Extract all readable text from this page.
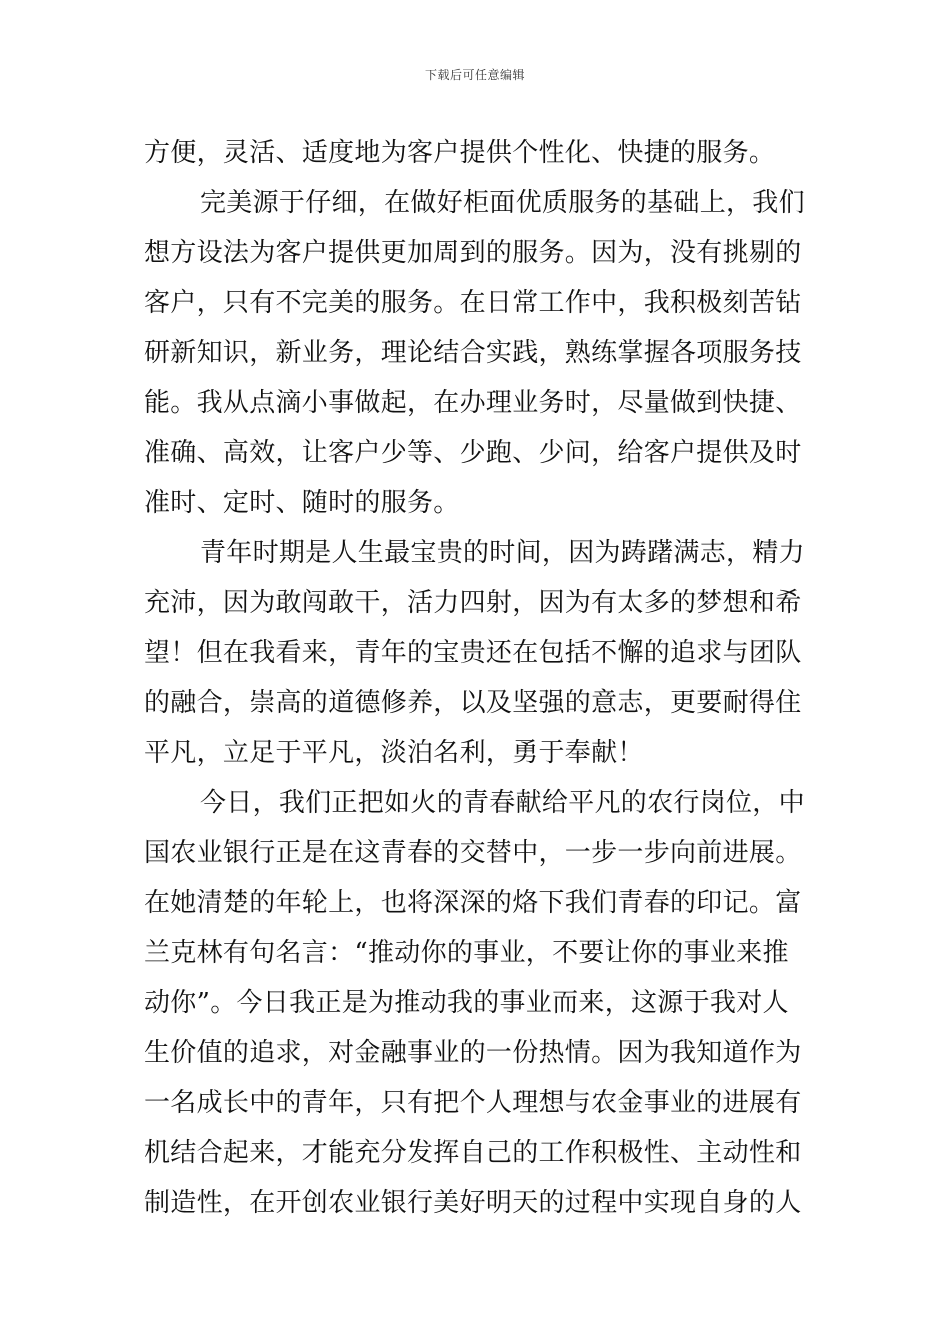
下载后可任意编辑
方便，灵活、适度地为客户提供个性化、快捷的服务。
完美源于仔细，在做好柜面优质服务的基础上，我们
想方设法为客户提供更加周到的服务。因为，没有挑剔的
客户，只有不完美的服务。在日常工作中，我积极刻苦钻
研新知识，新业务，理论结合实践，熟练掌握各项服务技
能。我从点滴小事做起，在办理业务时，尽量做到快捷、
准确、高效，让客户少等、少跑、少问，给客户提供及时
准时、定时、随时的服务。
青年时期是人生最宝贵的时间，因为踌躇满志，精力
充沛，因为敢闯敢干，活力四射，因为有太多的梦想和希
望！但在我看来，青年的宝贵还在包括不懈的追求与团队
的融合，崇高的道德修养，以及坚强的意志，更要耐得住
平凡，立足于平凡，淡泊名利，勇于奉献！
今日，我们正把如火的青春献给平凡的农行岗位，中
国农业银行正是在这青春的交替中，一步一步向前进展。
在她清楚的年轮上，也将深深的烙下我们青春的印记。富
兰克林有句名言：“推动你的事业，不要让你的事业来推
动你”。今日我正是为推动我的事业而来，这源于我对人
生价值的追求，对金融事业的一份热情。因为我知道作为
一名成长中的青年，只有把个人理想与农金事业的进展有
机结合起来，才能充分发挥自己的工作积极性、主动性和
制造性，在开创农业银行美好明天的过程中实现自身的人
